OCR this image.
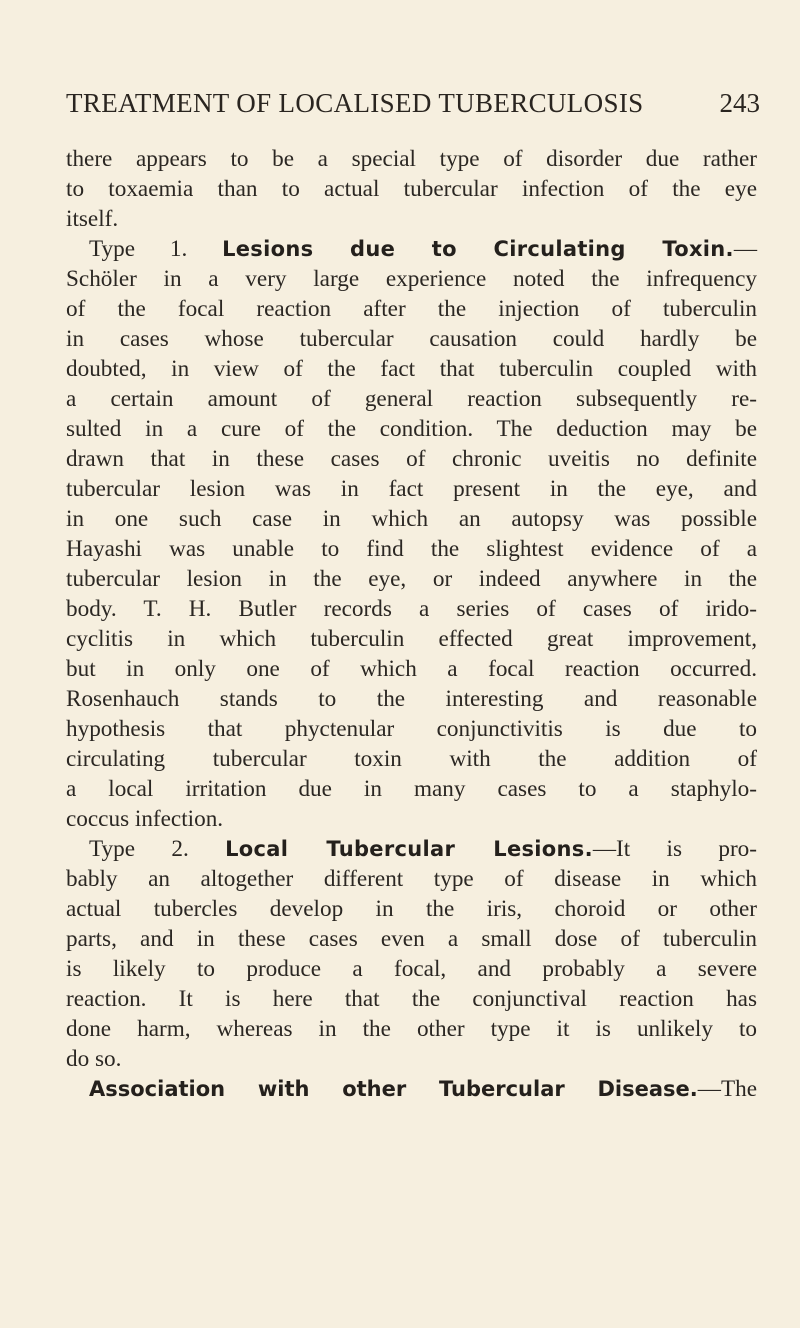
TREATMENT OF LOCALISED TUBERCULOSIS	243
there appears to be a special type of disorder due rather
to toxaemia than to actual tubercular infection of the eye
itself.
Type 1. Lesions due to Circulating Toxin.—
Schöler in a very large experience noted the infrequency
of the focal reaction after the injection of tuberculin
in cases whose tubercular causation could hardly be
doubted, in view of the fact that tuberculin coupled with
a certain amount of general reaction subsequently re-
sulted in a cure of the condition. The deduction may be
drawn that in these cases of chronic uveitis no definite
tubercular lesion was in fact present in the eye, and
in one such case in which an autopsy was possible
Hayashi was unable to find the slightest evidence of a
tubercular lesion in the eye, or indeed anywhere in the
body. T. H. Butler records a series of cases of irido-
cyclitis in which tuberculin effected great improvement,
but in only one of which a focal reaction occurred.
Rosenhauch stands to the interesting and reasonable
hypothesis that phyctenular conjunctivitis is due to
circulating tubercular toxin with the addition of
a local irritation due in many cases to a staphylo-
coccus infection.
Type 2. Local Tubercular Lesions.—It is pro-
bably an altogether different type of disease in which
actual tubercles develop in the iris, choroid or other
parts, and in these cases even a small dose of tuberculin
is likely to produce a focal, and probably a severe
reaction. It is here that the conjunctival reaction has
done harm, whereas in the other type it is unlikely to
do so.
Association with other Tubercular Disease.—The
